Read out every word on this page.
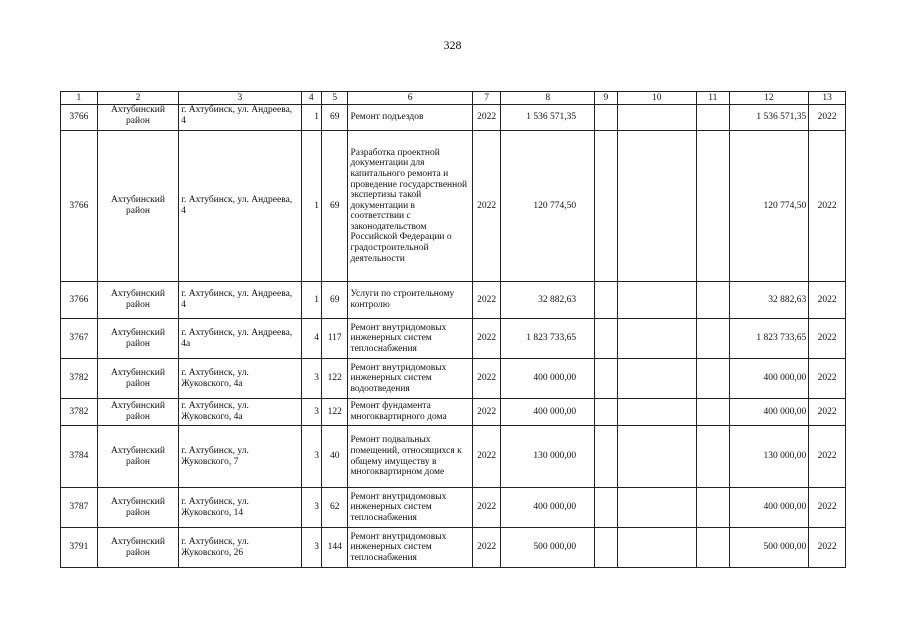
328
1	2	3	4	5	6	7	8	9	10	11	12	13
3766	Ахтубинский район	г. Ахтубинск, ул. Андреева, 4	1	69	Ремонт подъездов	2022	1 536 571,35				1 536 571,35	2022
3766	Ахтубинский район	г. Ахтубинск, ул. Андреева, 4	1	69	Разработка проектной документации для капитального ремонта и проведение государственной экспертизы такой документации в соответствии с законодательством Российской Федерации о градостроительной деятельности	2022	120 774,50				120 774,50	2022
3766	Ахтубинский район	г. Ахтубинск, ул. Андреева, 4	1	69	Услуги по строительному контролю	2022	32 882,63				32 882,63	2022
3767	Ахтубинский район	г. Ахтубинск, ул. Андреева, 4а	4	117	Ремонт внутридомовых инженерных систем теплоснабжения	2022	1 823 733,65				1 823 733,65	2022
3782	Ахтубинский район	г. Ахтубинск, ул. Жуковского, 4а	3	122	Ремонт внутридомовых инженерных систем водоотведения	2022	400 000,00				400 000,00	2022
3782	Ахтубинский район	г. Ахтубинск, ул. Жуковского, 4а	3	122	Ремонт фундамента многоквартирного дома	2022	400 000,00				400 000,00	2022
3784	Ахтубинский район	г. Ахтубинск, ул. Жуковского, 7	3	40	Ремонт подвальных помещений, относящихся к общему имуществу в многоквартирном доме	2022	130 000,00				130 000,00	2022
3787	Ахтубинский район	г. Ахтубинск, ул. Жуковского, 14	3	62	Ремонт внутридомовых инженерных систем теплоснабжения	2022	400 000,00				400 000,00	2022
3791	Ахтубинский район	г. Ахтубинск, ул. Жуковского, 26	3	144	Ремонт внутридомовых инженерных систем теплоснабжения	2022	500 000,00				500 000,00	2022
